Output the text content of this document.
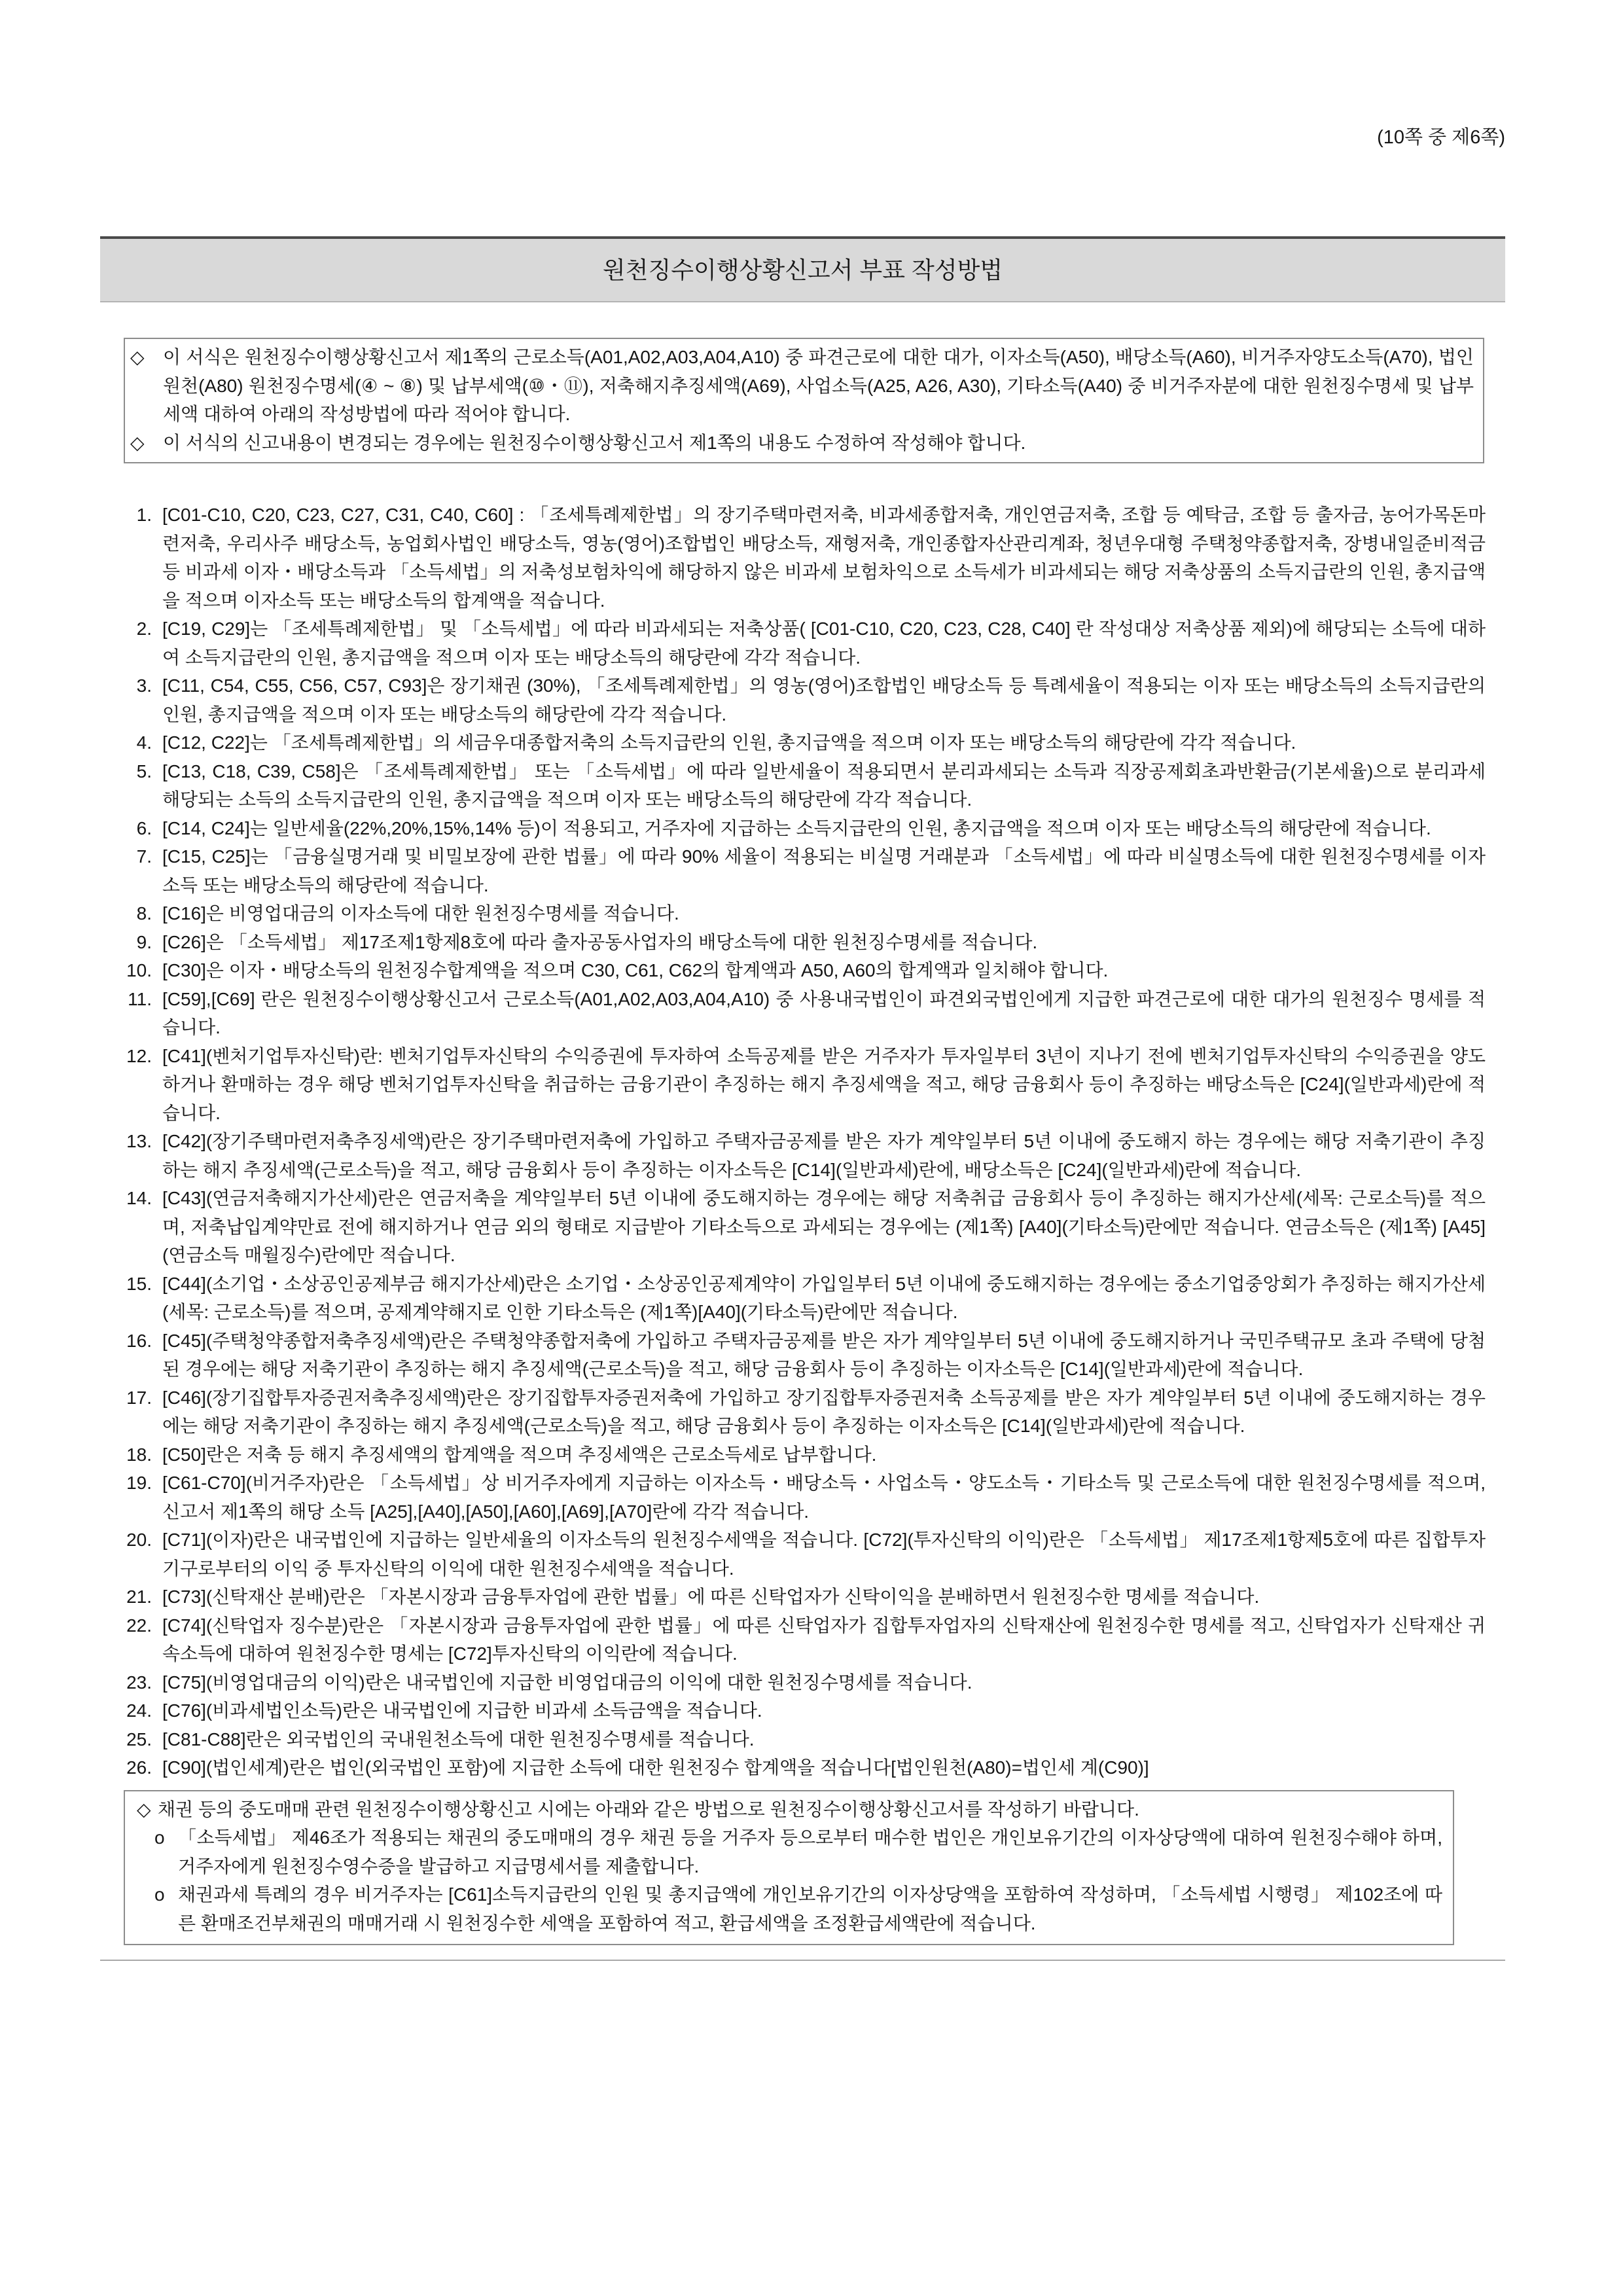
(10쪽 중 제6쪽)
원천징수이행상황신고서 부표 작성방법
◇	이 서식은 원천징수이행상황신고서 제1쪽의 근로소득(A01,A02,A03,A04,A10) 중 파견근로에 대한 대가, 이자소득(A50), 배당소득(A60), 비거주자양도소득(A70), 법인원천(A80) 원천징수명세(④ ~ ⑧) 및 납부세액(⑩・⑪), 저축해지추징세액(A69), 사업소득(A25, A26, A30), 기타소득(A40) 중 비거주자분에 대한 원천징수명세 및 납부세액 대하여 아래의 작성방법에 따라 적어야 합니다.
◇	이 서식의 신고내용이 변경되는 경우에는 원천징수이행상황신고서 제1쪽의 내용도 수정하여 작성해야 합니다.
1. [C01-C10, C20, C23, C27, C31, C40, C60] : 「조세특례제한법」의 장기주택마련저축, 비과세종합저축, 개인연금저축, 조합 등 예탁금, 조합 등 출자금, 농어가목돈마련저축, 우리사주 배당소득, 농업회사법인 배당소득, 영농(영어)조합법인 배당소득, 재형저축, 개인종합자산관리계좌, 청년우대형 주택청약종합저축, 장병내일준비적금 등 비과세 이자・배당소득과 「소득세법」의 저축성보험차익에 해당하지 않은 비과세 보험차익으로 소득세가 비과세되는 해당 저축상품의 소득지급란의 인원, 총지급액을 적으며 이자소득 또는 배당소득의 합계액을 적습니다.
2. [C19, C29]는 「조세특례제한법」 및 「소득세법」에 따라 비과세되는 저축상품( [C01-C10, C20, C23, C28, C40] 란 작성대상 저축상품 제외)에 해당되는 소득에 대하여 소득지급란의 인원, 총지급액을 적으며 이자 또는 배당소득의 해당란에 각각 적습니다.
3. [C11, C54, C55, C56, C57, C93]은 장기채권 (30%), 「조세특례제한법」의 영농(영어)조합법인 배당소득 등 특례세율이 적용되는 이자 또는 배당소득의 소득지급란의 인원, 총지급액을 적으며 이자 또는 배당소득의 해당란에 각각 적습니다.
4. [C12, C22]는 「조세특례제한법」의 세금우대종합저축의 소득지급란의 인원, 총지급액을 적으며 이자 또는 배당소득의 해당란에 각각 적습니다.
5. [C13, C18, C39, C58]은 「조세특례제한법」 또는 「소득세법」에 따라 일반세율이 적용되면서 분리과세되는 소득과 직장공제회초과반환금(기본세율)으로 분리과세 해당되는 소득의 소득지급란의 인원, 총지급액을 적으며 이자 또는 배당소득의 해당란에 각각 적습니다.
6. [C14, C24]는 일반세율(22%,20%,15%,14% 등)이 적용되고, 거주자에 지급하는 소득지급란의 인원, 총지급액을 적으며 이자 또는 배당소득의 해당란에 적습니다.
7. [C15, C25]는 「금융실명거래 및 비밀보장에 관한 법률」에 따라 90% 세율이 적용되는 비실명 거래분과 「소득세법」에 따라 비실명소득에 대한 원천징수명세를 이자소득 또는 배당소득의 해당란에 적습니다.
8. [C16]은 비영업대금의 이자소득에 대한 원천징수명세를 적습니다.
9. [C26]은 「소득세법」 제17조제1항제8호에 따라 출자공동사업자의 배당소득에 대한 원천징수명세를 적습니다.
10. [C30]은 이자・배당소득의 원천징수합계액을 적으며 C30, C61, C62의 합계액과 A50, A60의 합계액과 일치해야 합니다.
11. [C59],[C69] 란은 원천징수이행상황신고서 근로소득(A01,A02,A03,A04,A10) 중 사용내국법인이 파견외국법인에게 지급한 파견근로에 대한 대가의 원천징수 명세를 적습니다.
12. [C41](벤처기업투자신탁)란: 벤처기업투자신탁의 수익증권에 투자하여 소득공제를 받은 거주자가 투자일부터 3년이 지나기 전에 벤처기업투자신탁의 수익증권을 양도하거나 환매하는 경우 해당 벤처기업투자신탁을 취급하는 금융기관이 추징하는 해지 추징세액을 적고, 해당 금융회사 등이 추징하는 배당소득은 [C24](일반과세)란에 적습니다.
13. [C42](장기주택마련저축추징세액)란은 장기주택마련저축에 가입하고 주택자금공제를 받은 자가 계약일부터 5년 이내에 중도해지 하는 경우에는 해당 저축기관이 추징하는 해지 추징세액(근로소득)을 적고, 해당 금융회사 등이 추징하는 이자소득은 [C14](일반과세)란에, 배당소득은 [C24](일반과세)란에 적습니다.
14. [C43](연금저축해지가산세)란은 연금저축을 계약일부터 5년 이내에 중도해지하는 경우에는 해당 저축취급 금융회사 등이 추징하는 해지가산세(세목: 근로소득)를 적으며, 저축납입계약만료 전에 해지하거나 연금 외의 형태로 지급받아 기타소득으로 과세되는 경우에는 (제1쪽) [A40](기타소득)란에만 적습니다. 연금소득은 (제1쪽) [A45](연금소득 매월징수)란에만 적습니다.
15. [C44](소기업・소상공인공제부금 해지가산세)란은 소기업・소상공인공제계약이 가입일부터 5년 이내에 중도해지하는 경우에는 중소기업중앙회가 추징하는 해지가산세(세목: 근로소득)를 적으며, 공제계약해지로 인한 기타소득은 (제1쪽)[A40](기타소득)란에만 적습니다.
16. [C45](주택청약종합저축추징세액)란은 주택청약종합저축에 가입하고 주택자금공제를 받은 자가 계약일부터 5년 이내에 중도해지하거나 국민주택규모 초과 주택에 당첨된 경우에는 해당 저축기관이 추징하는 해지 추징세액(근로소득)을 적고, 해당 금융회사 등이 추징하는 이자소득은 [C14](일반과세)란에 적습니다.
17. [C46](장기집합투자증권저축추징세액)란은 장기집합투자증권저축에 가입하고 장기집합투자증권저축 소득공제를 받은 자가 계약일부터 5년 이내에 중도해지하는 경우에는 해당 저축기관이 추징하는 해지 추징세액(근로소득)을 적고, 해당 금융회사 등이 추징하는 이자소득은 [C14](일반과세)란에 적습니다.
18. [C50]란은 저축 등 해지 추징세액의 합계액을 적으며 추징세액은 근로소득세로 납부합니다.
19. [C61-C70](비거주자)란은 「소득세법」상 비거주자에게 지급하는 이자소득・배당소득・사업소득・양도소득・기타소득 및 근로소득에 대한 원천징수명세를 적으며, 신고서 제1쪽의 해당 소득 [A25],[A40],[A50],[A60],[A69],[A70]란에 각각 적습니다.
20. [C71](이자)란은 내국법인에 지급하는 일반세율의 이자소득의 원천징수세액을 적습니다. [C72](투자신탁의 이익)란은 「소득세법」 제17조제1항제5호에 따른 집합투자기구로부터의 이익 중 투자신탁의 이익에 대한 원천징수세액을 적습니다.
21. [C73](신탁재산 분배)란은 「자본시장과 금융투자업에 관한 법률」에 따른 신탁업자가 신탁이익을 분배하면서 원천징수한 명세를 적습니다.
22. [C74](신탁업자 징수분)란은 「자본시장과 금융투자업에 관한 법률」에 따른 신탁업자가 집합투자업자의 신탁재산에 원천징수한 명세를 적고, 신탁업자가 신탁재산 귀속소득에 대하여 원천징수한 명세는 [C72]투자신탁의 이익란에 적습니다.
23. [C75](비영업대금의 이익)란은 내국법인에 지급한 비영업대금의 이익에 대한 원천징수명세를 적습니다.
24. [C76](비과세법인소득)란은 내국법인에 지급한 비과세 소득금액을 적습니다.
25. [C81-C88]란은 외국법인의 국내원천소득에 대한 원천징수명세를 적습니다.
26. [C90](법인세계)란은 법인(외국법인 포함)에 지급한 소득에 대한 원천징수 합계액을 적습니다[법인원천(A80)=법인세 계(C90)]
◇ 채권 등의 중도매매 관련 원천징수이행상황신고 시에는 아래와 같은 방법으로 원천징수이행상황신고서를 작성하기 바랍니다.
o 「소득세법」 제46조가 적용되는 채권의 중도매매의 경우 채권 등을 거주자 등으로부터 매수한 법인은 개인보유기간의 이자상당액에 대하여 원천징수해야 하며, 거주자에게 원천징수영수증을 발급하고 지급명세서를 제출합니다.
o 채권과세 특례의 경우 비거주자는 [C61]소득지급란의 인원 및 총지급액에 개인보유기간의 이자상당액을 포함하여 작성하며, 「소득세법 시행령」 제102조에 따른 환매조건부채권의 매매거래 시 원천징수한 세액을 포함하여 적고, 환급세액을 조정환급세액란에 적습니다.
